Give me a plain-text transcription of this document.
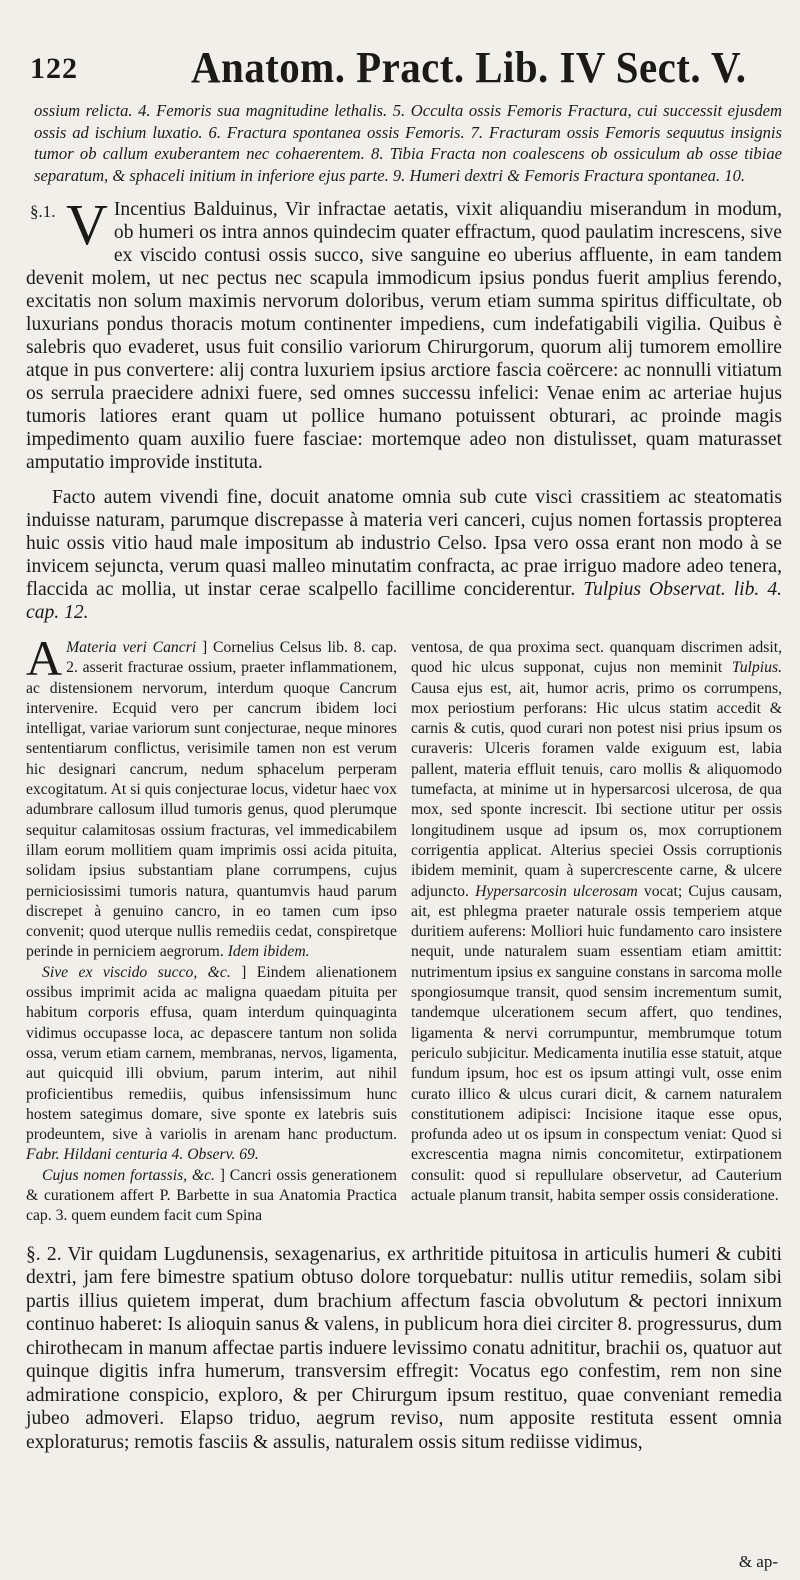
122	Anatom. Pract. Lib. IV Sect. V.

ossium relicta. 4. Femoris sua magnitudine lethalis. 5. Occulta ossis Femoris Fractura, cui successit ejusdem ossis ad ischium luxatio. 6. Fractura spontanea ossis Femoris. 7. Fracturam ossis Femoris sequutus insignis tumor ob callum exuberantem nec cohaerentem. 8. Tibia Fracta non coalescens ob ossiculum ab osse tibiae separatum, & sphaceli initium in inferiore ejus parte. 9. Humeri dextri & Femoris Fractura spontanea. 10.

§.1. V Incentius Balduinus, Vir infractae aetatis, vixit aliquandiu miserandum in modum, ob humeri os intra annos quindecim quater effractum, quod paulatim increscens, sive ex viscido contusi ossis succo, sive sanguine eo uberius affluente, in eam tandem devenit molem, ut nec pectus nec scapula immodicum ipsius pondus fuerit amplius ferendo, excitatis non solum maximis nervorum doloribus, verum etiam summa spiritus difficultate, ob luxurians pondus thoracis motum continenter impediens, cum indefatigabili vigilia. Quibus è salebris quo evaderet, usus fuit consilio variorum Chirurgorum, quorum alij tumorem emollire atque in pus convertere: alij contra luxuriem ipsius arctiore fascia coërcere: ac nonnulli vitiatum os serrula praecidere adnixi fuere, sed omnes successu infelici: Venae enim ac arteriae hujus tumoris latiores erant quam ut pollice humano potuissent obturari, ac proinde magis impedimento quam auxilio fuere fasciae: mortemque adeo non distulisset, quam maturasset amputatio improvide instituta.

Facto autem vivendi fine, docuit anatome omnia sub cute visci crassitiem ac steatomatis induisse naturam, parumque discrepasse à materia veri canceri, cujus nomen fortassis propterea huic ossis vitio haud male impositum ab industrio Celso. Ipsa vero ossa erant non modo à se invicem sejuncta, verum quasi malleo minutatim confracta, ac prae irriguo madore adeo tenera, flaccida ac mollia, ut instar cerae scalpello facillime conciderentur. Tulpius Observat. lib. 4. cap. 12.

A Materia veri Cancri ] Cornelius Celsus lib. 8. cap. 2. asserit fracturae ossium, praeter inflammationem, ac distensionem nervorum, interdum quoque Cancrum intervenire. Ecquid vero per cancrum ibidem loci intelligat, variae variorum sunt conjecturae, neque minores sententiarum conflictus, verisimile tamen non est verum hic designari cancrum, nedum sphacelum perperam excogitatum. At si quis conjecturae locus, videtur haec vox adumbrare callosum illud tumoris genus, quod plerumque sequitur calamitosas ossium fracturas, vel immedicabilem illam eorum mollitiem quam imprimis ossi acida pituita, solidam ipsius substantiam plane corrumpens, cujus perniciosissimi tumoris natura, quantumvis haud parum discrepet à genuino cancro, in eo tamen cum ipso convenit; quod uterque nullis remediis cedat, conspiretque perinde in perniciem aegrorum. Idem ibidem.

Sive ex viscido succo, &c. ] Eindem alienationem ossibus imprimit acida ac maligna quaedam pituita per habitum corporis effusa, quam interdum quinquaginta vidimus occupasse loca, ac depascere tantum non solida ossa, verum etiam carnem, membranas, nervos, ligamenta, aut quicquid illi obvium, parum interim, aut nihil proficientibus remediis, quibus infensissimum hunc hostem sategimus domare, sive sponte ex latebris suis prodeuntem, sive à variolis in arenam hanc productum. Fabr. Hildani centuria 4. Observ. 69.

Cujus nomen fortassis, &c. ] Cancri ossis generationem & curationem affert P. Barbette in sua Anatomia Practica cap. 3. quem eundem facit cum Spina

ventosa, de qua proxima sect. quanquam discrimen adsit, quod hic ulcus supponat, cujus non meminit Tulpius. Causa ejus est, ait, humor acris, primo os corrumpens, mox periostium perforans: Hic ulcus statim accedit & carnis & cutis, quod curari non potest nisi prius ipsum os curaveris: Ulceris foramen valde exiguum est, labia pallent, materia effluit tenuis, caro mollis & aliquomodo tumefacta, at minime ut in hypersarcosi ulcerosa, de qua mox, sed sponte increscit. Ibi sectione utitur per ossis longitudinem usque ad ipsum os, mox corruptionem corrigentia applicat. Alterius speciei Ossis corruptionis ibidem meminit, quam à supercrescente carne, & ulcere adjuncto. Hypersarcosin ulcerosam vocat; Cujus causam, ait, est phlegma praeter naturale ossis temperiem atque duritiem auferens: Molliori huic fundamento caro insistere nequit, unde naturalem suam essentiam etiam amittit: nutrimentum ipsius ex sanguine constans in sarcoma molle spongiosumque transit, quod sensim incrementum sumit, tandemque ulcerationem secum affert, quo tendines, ligamenta & nervi corrumpuntur, membrumque totum periculo subjicitur. Medicamenta inutilia esse statuit, atque fundum ipsum, hoc est os ipsum attingi vult, osse enim curato illico & ulcus curari dicit, & carnem naturalem constitutionem adipisci: Incisione itaque esse opus, profunda adeo ut os ipsum in conspectum veniat: Quod si excrescentia magna nimis concomitetur, extirpationem consulit: quod si repullulare observetur, ad Cauterium actuale planum transit, habita semper ossis consideratione.

§. 2. Vir quidam Lugdunensis, sexagenarius, ex arthritide pituitosa in articulis humeri & cubiti dextri, jam fere bimestre spatium obtuso dolore torquebatur: nullis utitur remediis, solam sibi partis illius quietem imperat, dum brachium affectum fascia obvolutum & pectori innixum continuo haberet: Is alioquin sanus & valens, in publicum hora diei circiter 8. progressurus, dum chirothecam in manum affectae partis induere levissimo conatu adnititur, brachii os, quatuor aut quinque digitis infra humerum, transversim effregit: Vocatus ego confestim, rem non sine admiratione conspicio, exploro, & per Chirurgum ipsum restituo, quae conveniant remedia jubeo admoveri. Elapso triduo, aegrum reviso, num apposite restituta essent omnia exploraturus; remotis fasciis & assulis, naturalem ossis situm rediisse vidimus,

& ap-
